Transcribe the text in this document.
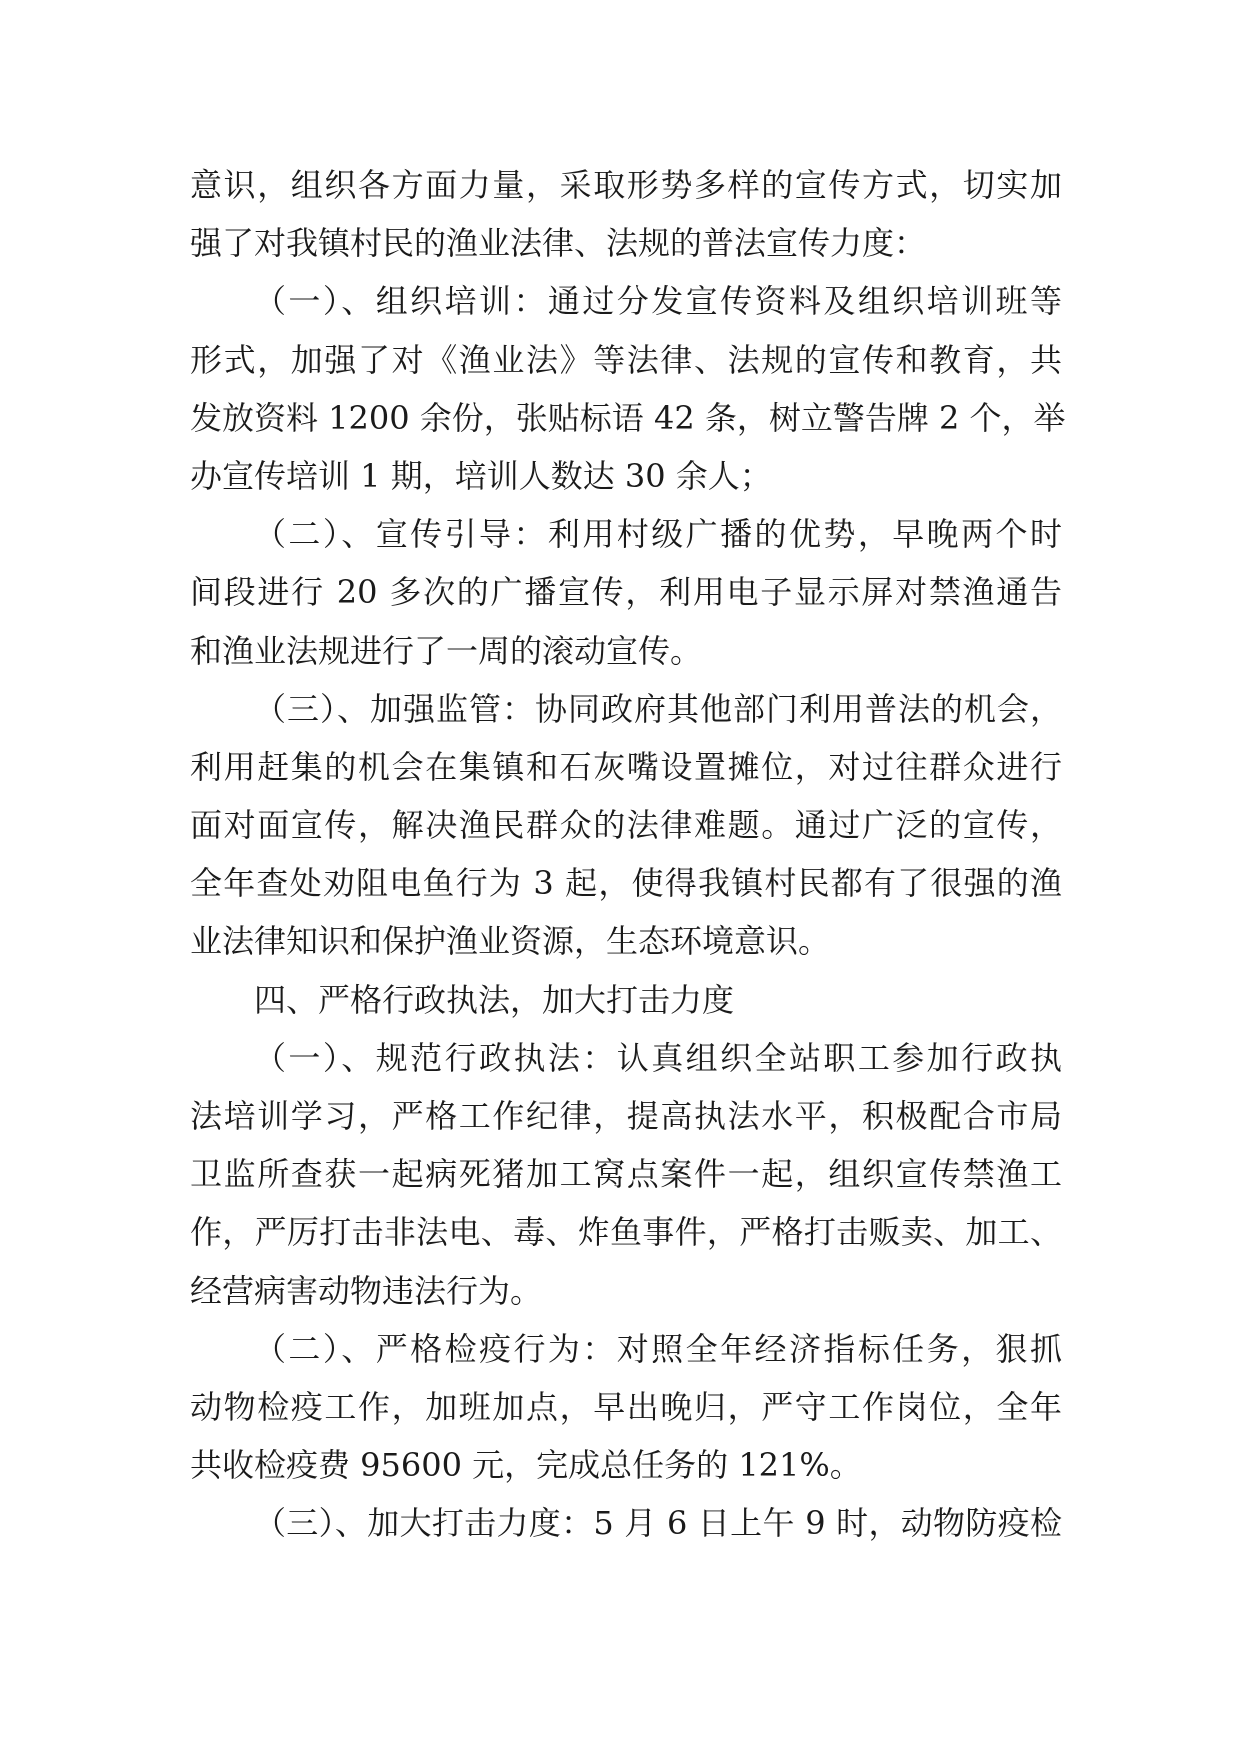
意识，组织各方面力量，采取形势多样的宣传方式，切实加
强了对我镇村民的渔业法律、法规的普法宣传力度：
（一）、组织培训：通过分发宣传资料及组织培训班等
形式，加强了对《渔业法》等法律、法规的宣传和教育，共
发放资料 1200 余份，张贴标语 42 条，树立警告牌 2 个，举
办宣传培训 1 期，培训人数达 30 余人；
（二）、宣传引导：利用村级广播的优势，早晚两个时
间段进行 20 多次的广播宣传，利用电子显示屏对禁渔通告
和渔业法规进行了一周的滚动宣传。
（三）、加强监管：协同政府其他部门利用普法的机会，
利用赶集的机会在集镇和石灰嘴设置摊位，对过往群众进行
面对面宣传，解决渔民群众的法律难题。通过广泛的宣传，
全年查处劝阻电鱼行为 3 起，使得我镇村民都有了很强的渔
业法律知识和保护渔业资源，生态环境意识。
四、严格行政执法，加大打击力度
（一）、规范行政执法：认真组织全站职工参加行政执
法培训学习，严格工作纪律，提高执法水平，积极配合市局
卫监所查获一起病死猪加工窝点案件一起，组织宣传禁渔工
作，严厉打击非法电、毒、炸鱼事件，严格打击贩卖、加工、
经营病害动物违法行为。
（二）、严格检疫行为：对照全年经济指标任务，狠抓
动物检疫工作，加班加点，早出晚归，严守工作岗位，全年
共收检疫费 95600 元，完成总任务的 121%。
（三）、加大打击力度：5 月 6 日上午 9 时，动物防疫检
